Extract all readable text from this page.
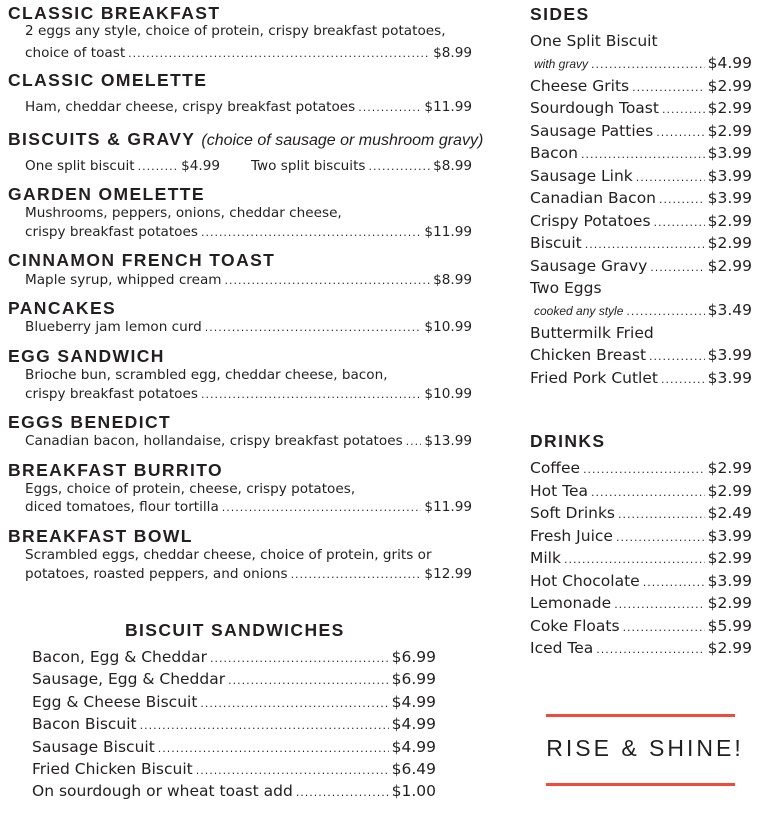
RISE & SHINE!
CLASSIC BREAKFAST
2 eggs any style, choice of protein, crispy breakfast potatoes,
choice of toast .....	$8.99
CLASSIC OMELETTE
Ham, cheddar cheese, crispy breakfast potatoes .....	$11.99
BISCUITS & GRAVY (choice of sausage or mushroom gravy)
One split biscuit .....	$4.99 Two split biscuits .....	$8.99
GARDEN OMELETTE
Mushrooms, peppers, onions, cheddar cheese,
crispy breakfast potatoes .....	$11.99
CINNAMON FRENCH TOAST
Maple syrup, whipped cream .....	$8.99
PANCAKES
Blueberry jam lemon curd .....	$10.99
EGG SANDWICH
Brioche bun, scrambled egg, cheddar cheese, bacon,
crispy breakfast potatoes .....	$10.99
EGGS BENEDICT
Canadian bacon, hollandaise, crispy breakfast potatoes ..... $13.99
BREAKFAST BURRITO
Eggs, choice of protein, cheese, crispy potatoes,
diced tomatoes, flour tortilla .....	$11.99
BREAKFAST BOWL
Scrambled eggs, cheddar cheese, choice of protein, grits or
potatoes, roasted peppers, and onions .....	$12.99
BISCUIT SANDWICHES
Bacon, Egg & Cheddar .....	$6.99
Sausage, Egg & Cheddar .....	$6.99
Egg & Cheese Biscuit .....	$4.99
Bacon Biscuit .....	$4.99
Sausage Biscuit .....	$4.99
Fried Chicken Biscuit .....	$6.49
On sourdough or wheat toast add .....	$1.00
SIDES
One Split Biscuit
with gravy .....	$4.99
Cheese Grits .....	$2.99
Sourdough Toast .....	$2.99
Sausage Patties .....	$2.99
Bacon .....	$3.99
Sausage Link .....	$3.99
Canadian Bacon .....	$3.99
Crispy Potatoes .....	$2.99
Biscuit .....	$2.99
Sausage Gravy .....	$2.99
Two Eggs
cooked any style .....	$3.49
Buttermilk Fried
Chicken Breast .....	$3.99
Fried Pork Cutlet .....	$3.99
DRINKS
Coffee .....	$2.99
Hot Tea .....	$2.99
Soft Drinks .....	$2.49
Fresh Juice .....	$3.99
Milk .....	$2.99
Hot Chocolate .....	$3.99
Lemonade .....	$2.99
Coke Floats .....	$5.99
Iced Tea .....	$2.99
